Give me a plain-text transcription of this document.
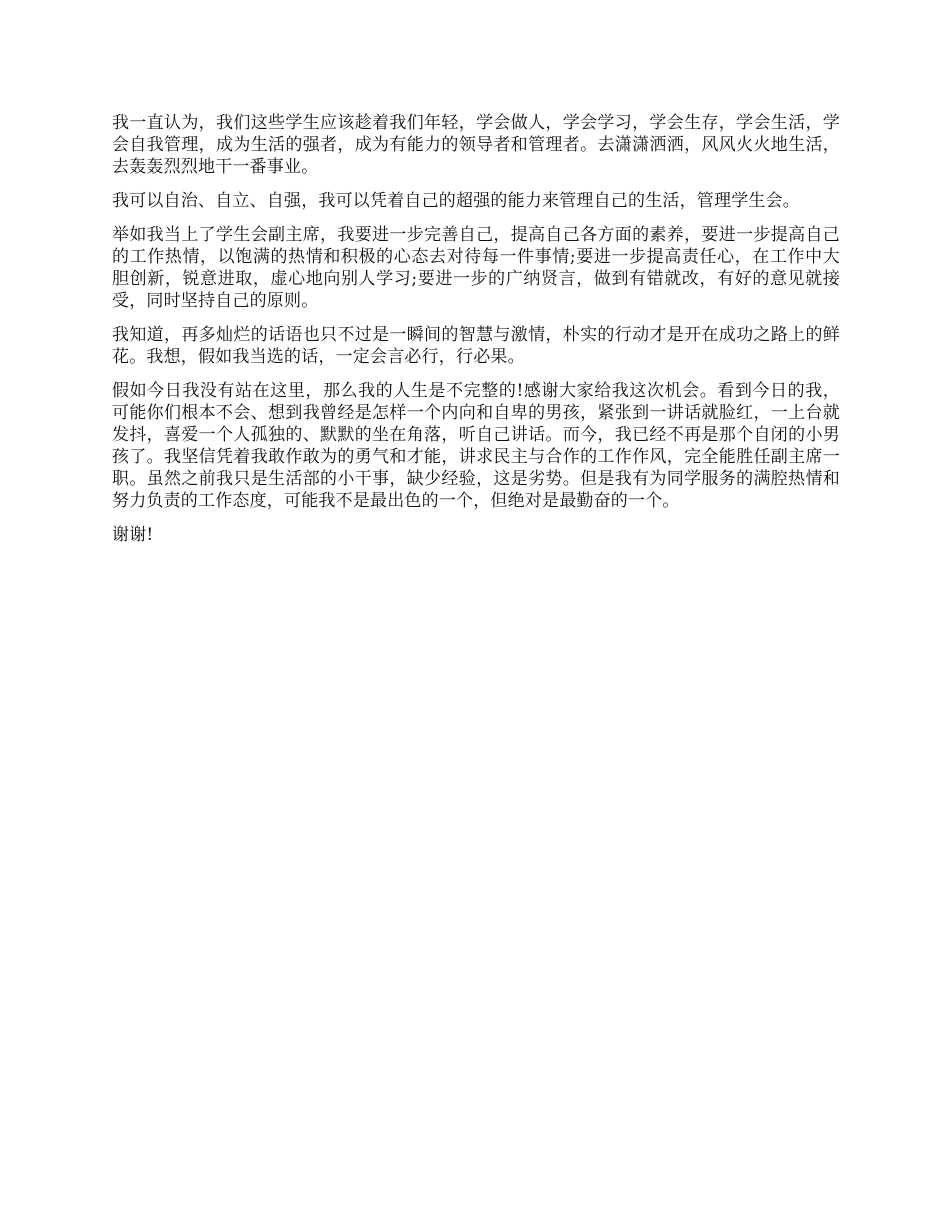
我一直认为，我们这些学生应该趁着我们年轻，学会做人，学会学习，学会生存，学会生活，学会自我管理，成为生活的强者，成为有能力的领导者和管理者。去潇潇洒洒，风风火火地生活，去轰轰烈烈地干一番事业。

我可以自治、自立、自强，我可以凭着自己的超强的能力来管理自己的生活，管理学生会。

举如我当上了学生会副主席，我要进一步完善自己，提高自己各方面的素养，要进一步提高自己的工作热情，以饱满的热情和积极的心态去对待每一件事情;要进一步提高责任心，在工作中大胆创新，锐意进取，虚心地向别人学习;要进一步的广纳贤言，做到有错就改，有好的意见就接受，同时坚持自己的原则。

我知道，再多灿烂的话语也只不过是一瞬间的智慧与激情，朴实的行动才是开在成功之路上的鲜花。我想，假如我当选的话，一定会言必行，行必果。

假如今日我没有站在这里，那么我的人生是不完整的!感谢大家给我这次机会。看到今日的我，可能你们根本不会、想到我曾经是怎样一个内向和自卑的男孩，紧张到一讲话就脸红，一上台就发抖，喜爱一个人孤独的、默默的坐在角落，听自己讲话。而今，我已经不再是那个自闭的小男孩了。我坚信凭着我敢作敢为的勇气和才能，讲求民主与合作的工作作风，完全能胜任副主席一职。虽然之前我只是生活部的小干事，缺少经验，这是劣势。但是我有为同学服务的满腔热情和努力负责的工作态度，可能我不是最出色的一个，但绝对是最勤奋的一个。

谢谢!
